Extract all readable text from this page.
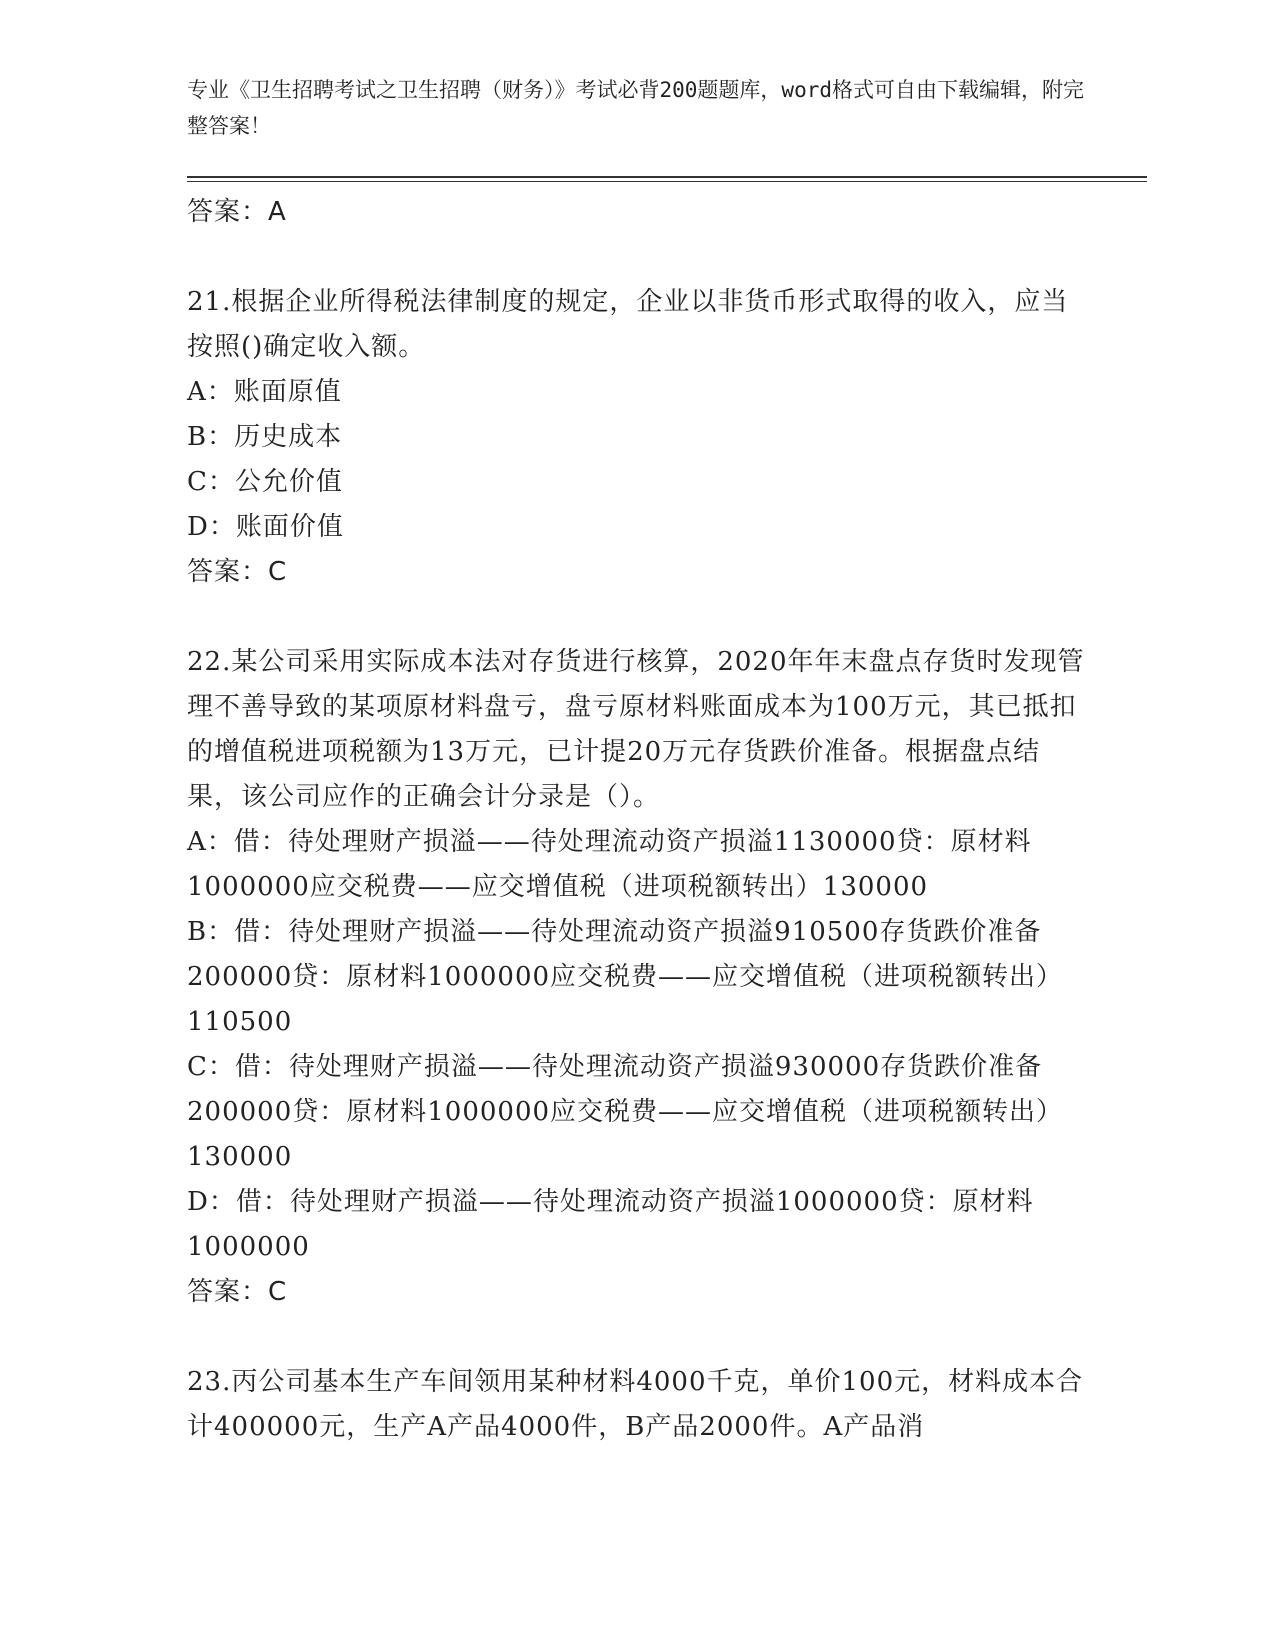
专业《卫生招聘考试之卫生招聘（财务）》考试必背200题题库，word格式可自由下载编辑，附完整答案！
答案：A

21.根据企业所得税法律制度的规定，企业以非货币形式取得的收入，应当按照()确定收入额。

A：账面原值

B：历史成本

C：公允价值

D：账面价值

答案：C

22.某公司采用实际成本法对存货进行核算，2020年年末盘点存货时发现管理不善导致的某项原材料盘亏，盘亏原材料账面成本为100万元，其已抵扣的增值税进项税额为13万元，已计提20万元存货跌价准备。根据盘点结果，该公司应作的正确会计分录是（）。

A：借：待处理财产损溢——待处理流动资产损溢1130000贷：原材料1000000应交税费——应交增值税（进项税额转出）130000

B：借：待处理财产损溢——待处理流动资产损溢910500存货跌价准备200000贷：原材料1000000应交税费——应交增值税（进项税额转出）110500

C：借：待处理财产损溢——待处理流动资产损溢930000存货跌价准备200000贷：原材料1000000应交税费——应交增值税（进项税额转出）130000

D：借：待处理财产损溢——待处理流动资产损溢1000000贷：原材料1000000

答案：C

23.丙公司基本生产车间领用某种材料4000千克，单价100元，材料成本合计400000元，生产A产品4000件，B产品2000件。A产品消
